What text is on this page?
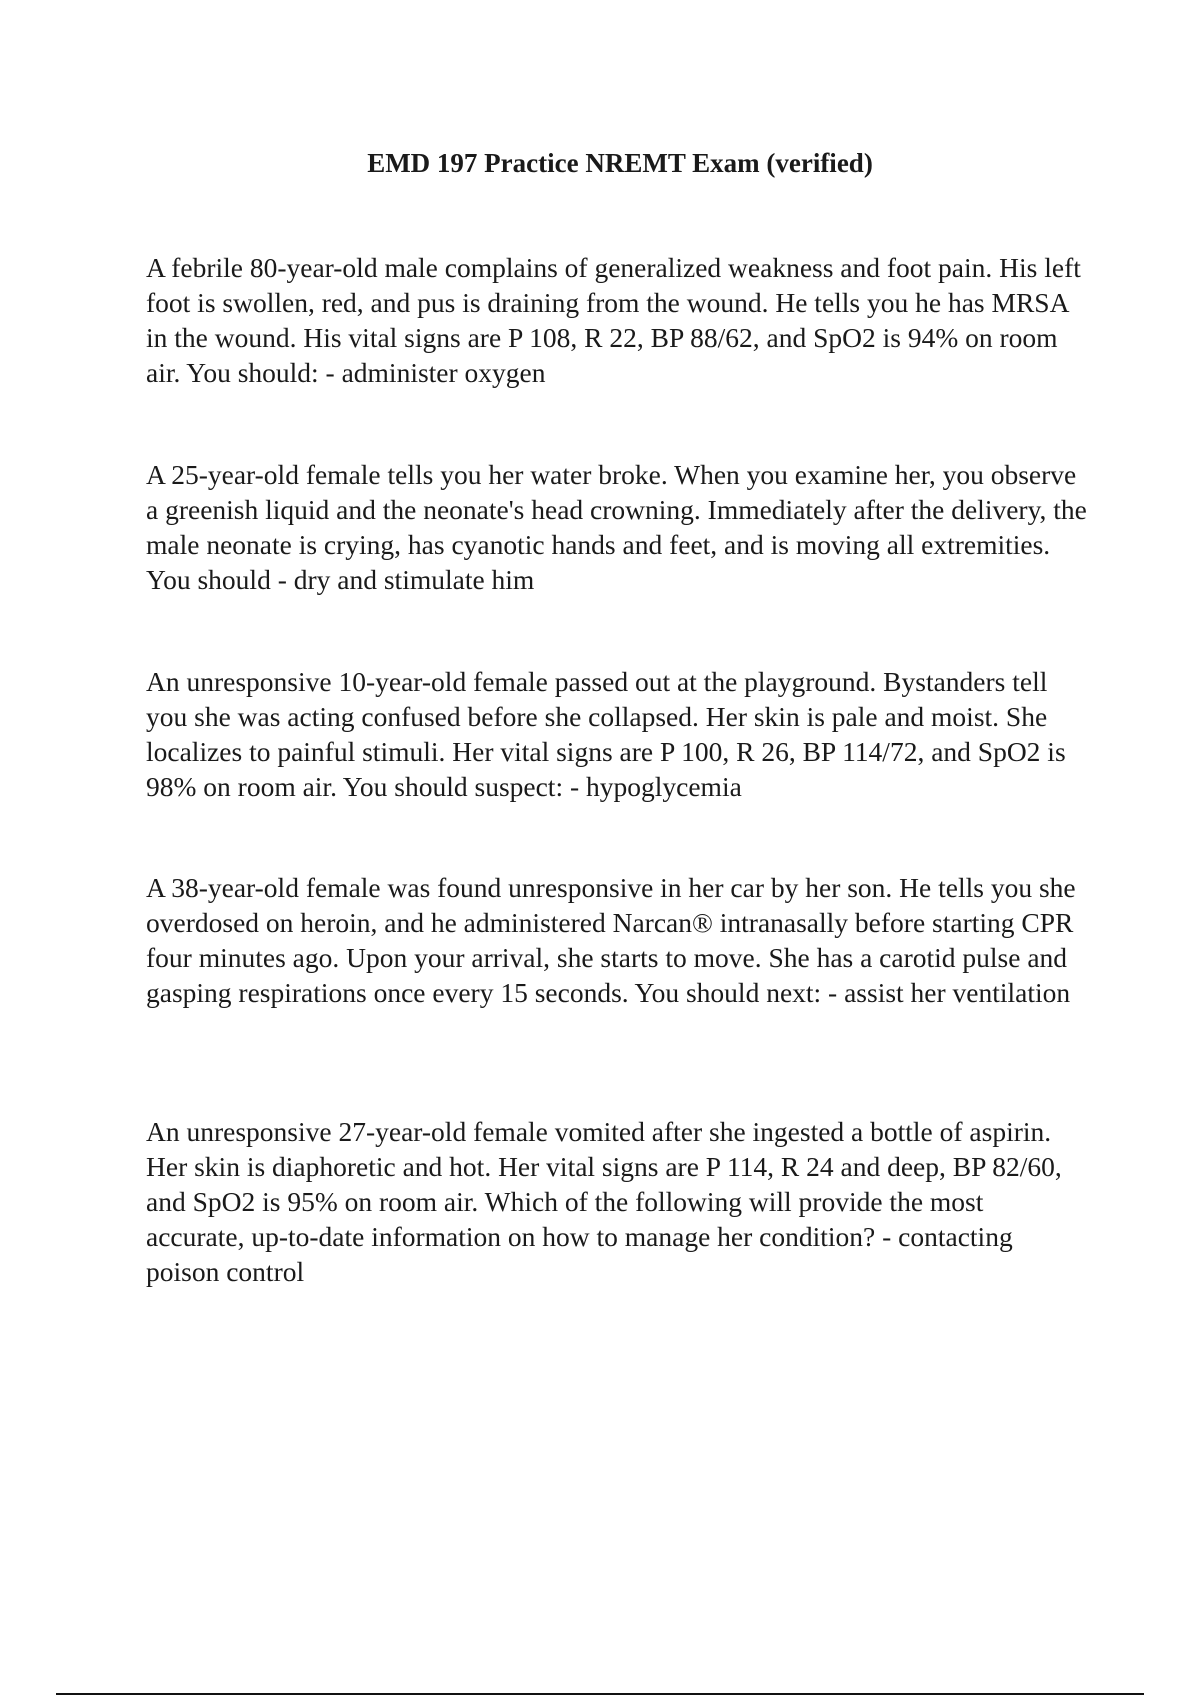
EMD 197 Practice NREMT Exam (verified)

A febrile 80-year-old male complains of generalized weakness and foot pain. His left foot is swollen, red, and pus is draining from the wound. He tells you he has MRSA in the wound. His vital signs are P 108, R 22, BP 88/62, and SpO2 is 94% on room air. You should: - administer oxygen

A 25-year-old female tells you her water broke. When you examine her, you observe a greenish liquid and the neonate's head crowning. Immediately after the delivery, the male neonate is crying, has cyanotic hands and feet, and is moving all extremities. You should - dry and stimulate him

An unresponsive 10-year-old female passed out at the playground. Bystanders tell you she was acting confused before she collapsed. Her skin is pale and moist. She localizes to painful stimuli. Her vital signs are P 100, R 26, BP 114/72, and SpO2 is 98% on room air. You should suspect: - hypoglycemia

A 38-year-old female was found unresponsive in her car by her son. He tells you she overdosed on heroin, and he administered Narcan® intranasally before starting CPR four minutes ago. Upon your arrival, she starts to move. She has a carotid pulse and gasping respirations once every 15 seconds. You should next: - assist her ventilation

An unresponsive 27-year-old female vomited after she ingested a bottle of aspirin. Her skin is diaphoretic and hot. Her vital signs are P 114, R 24 and deep, BP 82/60, and SpO2 is 95% on room air. Which of the following will provide the most accurate, up-to-date information on how to manage her condition? - contacting poison control
